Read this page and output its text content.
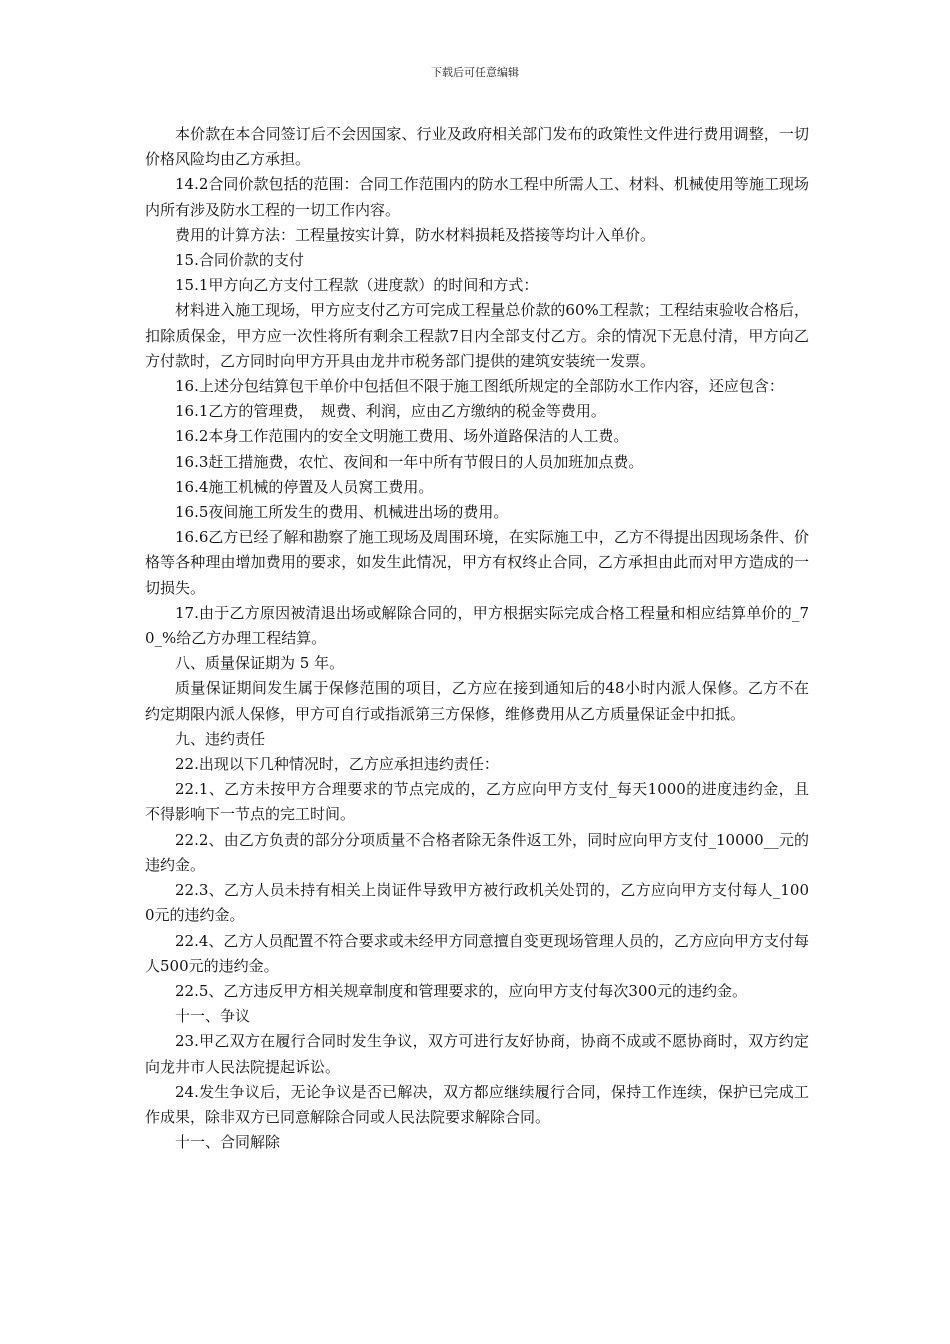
下载后可任意编辑

本价款在本合同签订后不会因国家、行业及政府相关部门发布的政策性文件进行费用调整，一切价格风险均由乙方承担。

14.2合同价款包括的范围：合同工作范围内的防水工程中所需人工、材料、机械使用等施工现场内所有涉及防水工程的一切工作内容。

费用的计算方法：工程量按实计算，防水材料损耗及搭接等均计入单价。

15.合同价款的支付

15.1甲方向乙方支付工程款（进度款）的时间和方式：

材料进入施工现场，甲方应支付乙方可完成工程量总价款的60%工程款；工程结束验收合格后，扣除质保金，甲方应一次性将所有剩余工程款7日内全部支付乙方。余的情况下无息付清，甲方向乙方付款时，乙方同时向甲方开具由龙井市税务部门提供的建筑安装统一发票。

16.上述分包结算包干单价中包括但不限于施工图纸所规定的全部防水工作内容，还应包含：

16.1乙方的管理费，　规费、利润，应由乙方缴纳的税金等费用。

16.2本身工作范围内的安全文明施工费用、场外道路保洁的人工费。

16.3赶工措施费，农忙、夜间和一年中所有节假日的人员加班加点费。

16.4施工机械的停置及人员窝工费用。

16.5夜间施工所发生的费用、机械进出场的费用。

16.6乙方已经了解和勘察了施工现场及周围环境，在实际施工中，乙方不得提出因现场条件、价格等各种理由增加费用的要求，如发生此情况，甲方有权终止合同，乙方承担由此而对甲方造成的一切损失。

17.由于乙方原因被清退出场或解除合同的，甲方根据实际完成合格工程量和相应结算单价的_70_%给乙方办理工程结算。

八、质量保证期为 5 年。

质量保证期间发生属于保修范围的项目，乙方应在接到通知后的48小时内派人保修。乙方不在约定期限内派人保修，甲方可自行或指派第三方保修，维修费用从乙方质量保证金中扣抵。

九、违约责任

22.出现以下几种情况时，乙方应承担违约责任：

22.1、乙方未按甲方合理要求的节点完成的，乙方应向甲方支付_每天1000的进度违约金，且不得影响下一节点的完工时间。

22.2、由乙方负责的部分分项质量不合格者除无条件返工外，同时应向甲方支付_10000__元的违约金。

22.3、乙方人员未持有相关上岗证件导致甲方被行政机关处罚的，乙方应向甲方支付每人_1000元的违约金。

22.4、乙方人员配置不符合要求或未经甲方同意擅自变更现场管理人员的，乙方应向甲方支付每人500元的违约金。

22.5、乙方违反甲方相关规章制度和管理要求的，应向甲方支付每次300元的违约金。

十一、争议

23.甲乙双方在履行合同时发生争议，双方可进行友好协商，协商不成或不愿协商时，双方约定向龙井市人民法院提起诉讼。

24.发生争议后，无论争议是否已解决，双方都应继续履行合同，保持工作连续，保护已完成工作成果，除非双方已同意解除合同或人民法院要求解除合同。

十一、合同解除
